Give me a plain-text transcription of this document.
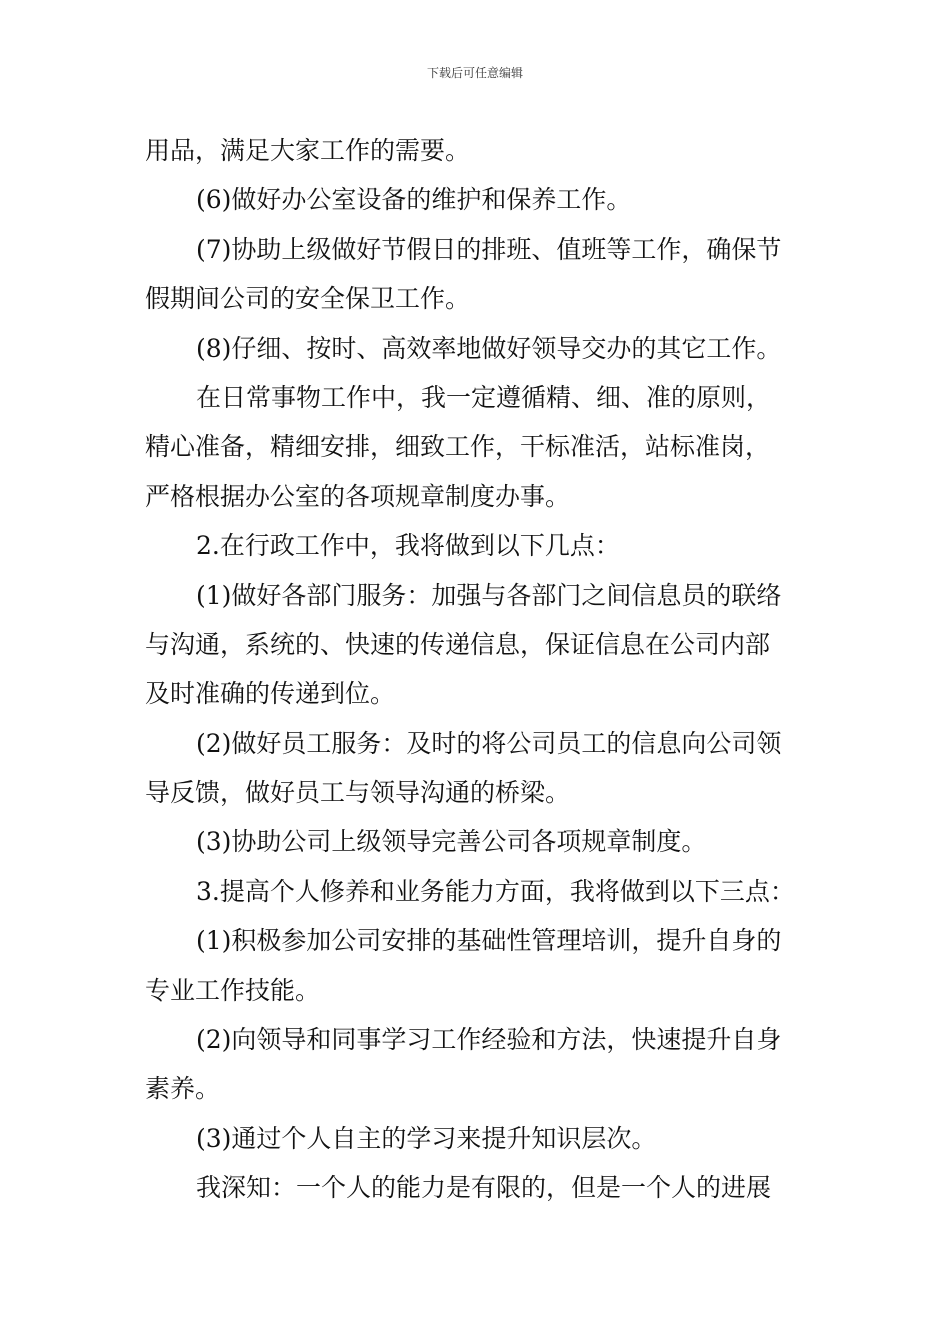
下载后可任意编辑
用品，满足大家工作的需要。
(6)做好办公室设备的维护和保养工作。
(7)协助上级做好节假日的排班、值班等工作，确保节
假期间公司的安全保卫工作。
(8)仔细、按时、高效率地做好领导交办的其它工作。
在日常事物工作中，我一定遵循精、细、准的原则，
精心准备，精细安排，细致工作，干标准活，站标准岗，
严格根据办公室的各项规章制度办事。
2.在行政工作中，我将做到以下几点：
(1)做好各部门服务：加强与各部门之间信息员的联络
与沟通，系统的、快速的传递信息，保证信息在公司内部
及时准确的传递到位。
(2)做好员工服务：及时的将公司员工的信息向公司领
导反馈，做好员工与领导沟通的桥梁。
(3)协助公司上级领导完善公司各项规章制度。
3.提高个人修养和业务能力方面，我将做到以下三点：
(1)积极参加公司安排的基础性管理培训，提升自身的
专业工作技能。
(2)向领导和同事学习工作经验和方法，快速提升自身
素养。
(3)通过个人自主的学习来提升知识层次。
我深知：一个人的能力是有限的，但是一个人的进展
